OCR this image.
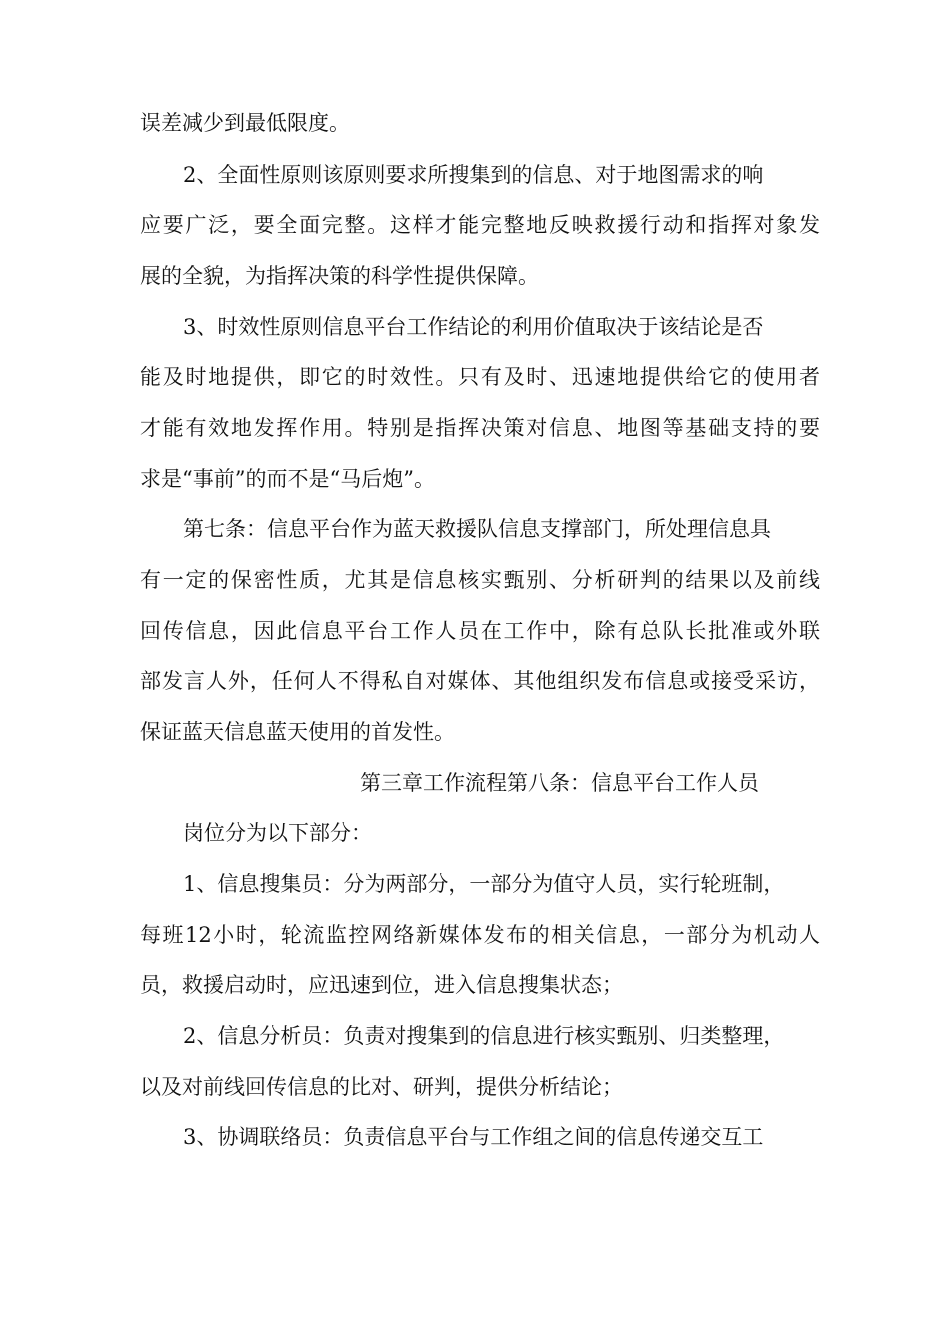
误差减少到最低限度。
2、全面性原则该原则要求所搜集到的信息、对于地图需求的响
应要广泛，要全面完整。这样才能完整地反映救援行动和指挥对象发
展的全貌，为指挥决策的科学性提供保障。
3、时效性原则信息平台工作结论的利用价值取决于该结论是否
能及时地提供，即它的时效性。只有及时、迅速地提供给它的使用者
才能有效地发挥作用。特别是指挥决策对信息、地图等基础支持的要
求是“事前”的而不是“马后炮”。
第七条：信息平台作为蓝天救援队信息支撑部门，所处理信息具
有一定的保密性质，尤其是信息核实甄别、分析研判的结果以及前线
回传信息，因此信息平台工作人员在工作中，除有总队长批准或外联
部发言人外，任何人不得私自对媒体、其他组织发布信息或接受采访，
保证蓝天信息蓝天使用的首发性。
第三章工作流程第八条：信息平台工作人员
岗位分为以下部分：
1、信息搜集员：分为两部分，一部分为值守人员，实行轮班制，
每班12小时，轮流监控网络新媒体发布的相关信息，一部分为机动人
员，救援启动时，应迅速到位，进入信息搜集状态；
2、信息分析员：负责对搜集到的信息进行核实甄别、归类整理，
以及对前线回传信息的比对、研判，提供分析结论；
3、协调联络员：负责信息平台与工作组之间的信息传递交互工
